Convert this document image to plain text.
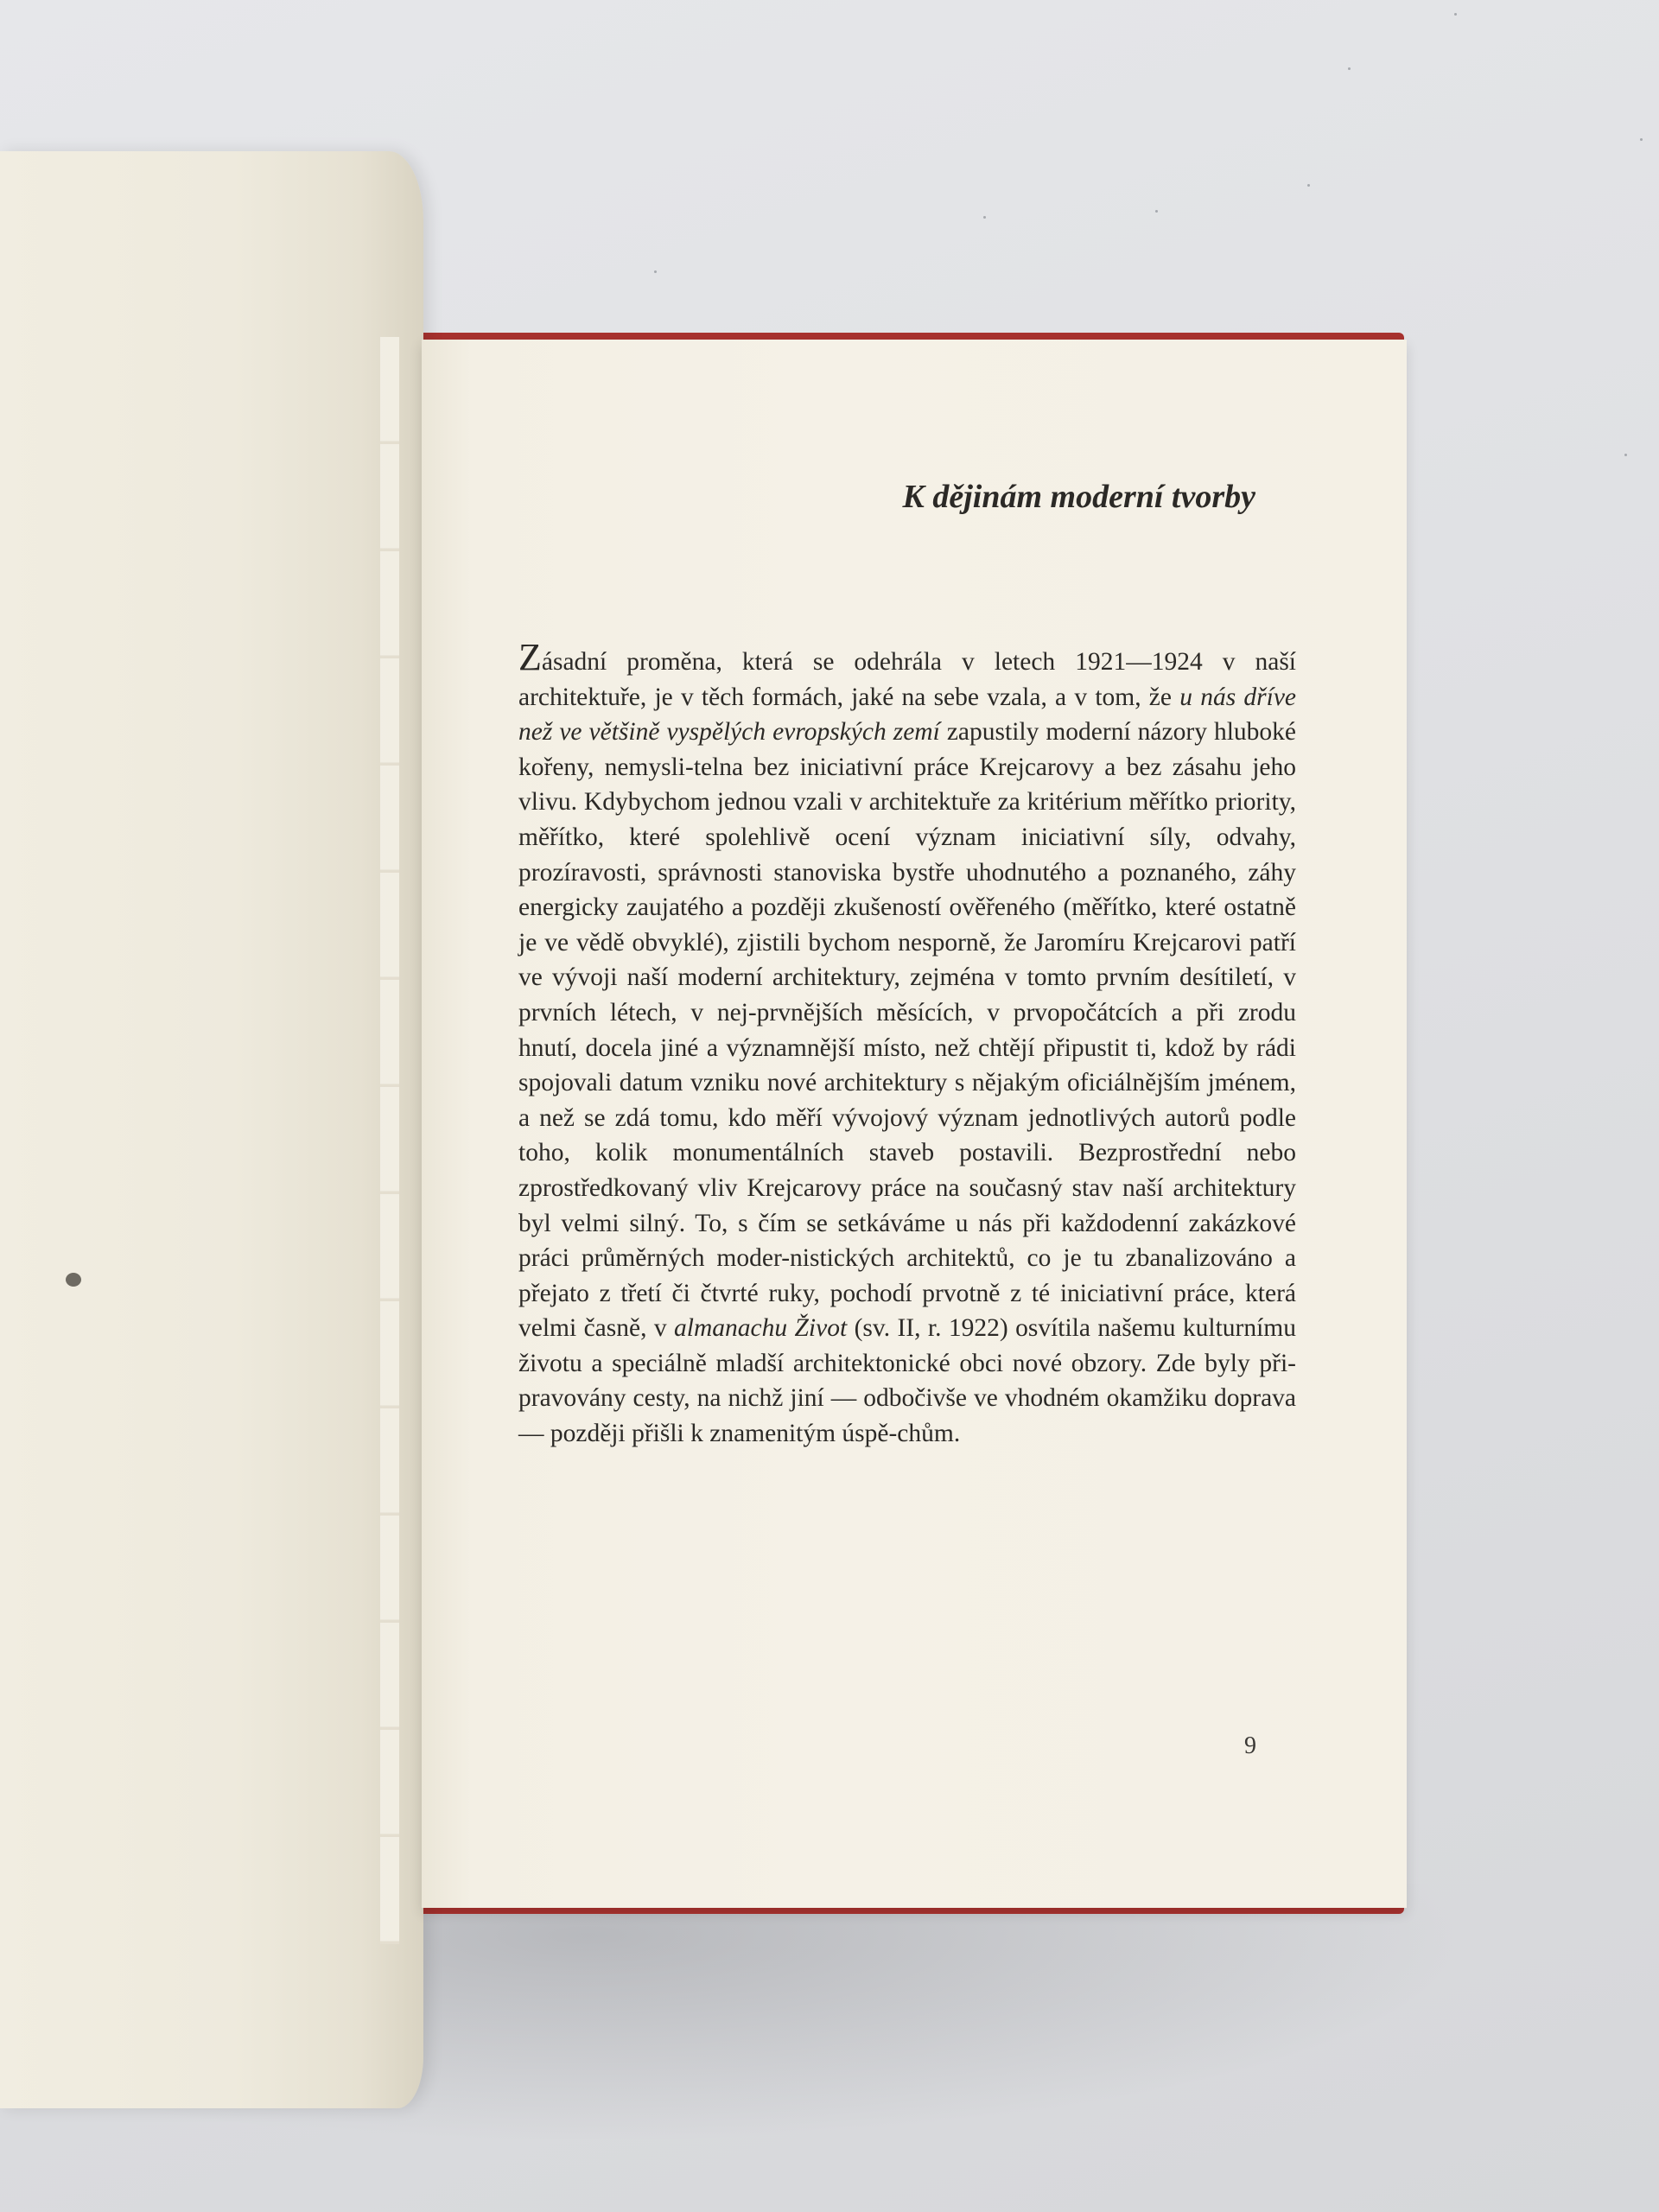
K dějinám moderní tvorby
Zásadní proměna, která se odehrála v letech 1921—1924 v naší architektuře, je v těch formách, jaké na sebe vzala, a v tom, že u nás dříve než ve většině vyspělých evropských zemí zapustily moderní názory hluboké kořeny, nemysli-telna bez iniciativní práce Krejcarovy a bez zásahu jeho vlivu. Kdybychom jednou vzali v architektuře za kritérium měřítko priority, měřítko, které spolehlivě ocení význam iniciativní síly, odvahy, prozíravosti, správnosti stanoviska bystře uhodnutého a poznaného, záhy energicky zaujatého a později zkušeností ověřeného (měřítko, které ostatně je ve vědě obvyklé), zjistili bychom nesporně, že Jaromíru Krejcarovi patří ve vývoji naší moderní architektury, zejména v tomto prvním desítiletí, v prvních létech, v nej-prvnějších měsících, v prvopočátcích a při zrodu hnutí, docela jiné a významnější místo, než chtějí připustit ti, kdož by rádi spojovali datum vzniku nové architektury s nějakým oficiálnějším jménem, a než se zdá tomu, kdo měří vývojový význam jednotlivých autorů podle toho, kolik monumentálních staveb postavili. Bezprostřední nebo zprostředkovaný vliv Krejcarovy práce na současný stav naší architektury byl velmi silný. To, s čím se setkáváme u nás při každodenní zakázkové práci průměrných moder-nistických architektů, co je tu zbanalizováno a přejato z třetí či čtvrté ruky, pochodí prvotně z té iniciativní práce, která velmi časně, v almanachu Život (sv. II, r. 1922) osvítila našemu kulturnímu životu a speciálně mladší architektonické obci nové obzory. Zde byly při-pravovány cesty, na nichž jiní — odbočivše ve vhodném okamžiku doprava — později přišli k znamenitým úspě-chům.
9
